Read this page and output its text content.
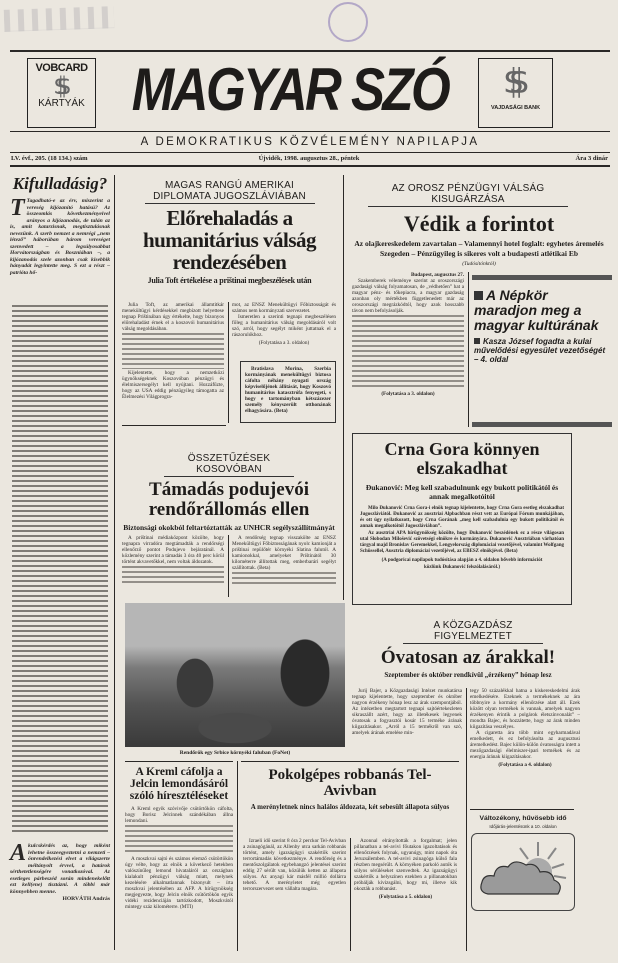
VOBCARD
$$
KÁRTYÁK MAGYAR SZÓ	$$
VAJDASÁGI BANK
A DEMOKRATIKUS KÖZVÉLEMÉNY NAPILAPJA
LV. évf., 205. (18 134.) szám	Újvidék, 1998. augusztus 28., péntek	Ára 3 dinár
Kifulladásig?
T Tagadható-e az érv, miszerint a vereség kijózanító hatású? Az összeomlás következményeivel arányos a kijózanodás, de talán az is, amit katarzisnak, megtisztulásnak nevezünk. A szerb nemzet a nemrégi „nem létező” háborúban három vereséget szenvedett – a legsúlyosabbat Horvátországban és Boszniában –, a kijózanodás szele azonban csak kisebbik hányadát legyintette meg. S ezt a részt – patrióta hő-
A kulcskérdés az, hogy miként lehetne összeegyeztetni a nemzeti – önrendelkezési elvet a világszerte méltányolt érvvel, a határok sérthetetlenségére vonatkozóval. Az esetleges párbeszéd során mindenekelőtt ezt kell(ene) tisztázni. A többi már könnyebben menne.
HORVÁTH András
MAGAS RANGÚ AMERIKAI DIPLOMATA JUGOSZLÁVIÁBAN
Előrehaladás a humanitárius válság rendezésében
Julia Toft értékelése a prištinai megbeszélések után

Julia Toft, az amerikai államtitkár menekültügyi kérdésekkel megbízott helyettese tegnap Prištinában úgy értékelte, hogy bizonyos előrehaladást érnek el a koszovói humanitárius válság megoldásában.

Kijelentette, hogy a nemzetközi ügynökségeknek Koszovóban pénzügyi és élelmiszersegélyt kell nyújtani. Hozzáfűzte, hogy az USA eddig pénzügyileg támogatta az Élelmezési Világprogra-

mot, az ENSZ Menekültügyi Főbiztosságát és számos nem kormányzati szervezetet.

Ismeretlen a szerinti tegnapi megbeszélésen főleg a humanitárius válság megoldásáról volt szó, arról, hogy segélyt miként juttatnak el a rászorulókhoz.

(Folytatása a 3. oldalon)

Bratislava Morina, Szerbia kormányának menekültügyi biztosa cáfolta néhány nyugati ország képviselőjének állítását, hogy Koszovó humanitárius katasztrófa fenyegeti, s hogy e tartományban kétszázezer személy kényszerült otthonának elhagyására. (Beta)

ÖSSZETŰZÉSEK KOSOVÓBAN
Támadás podujevói rendőrállomás ellen
Biztonsági okokból feltartóztatták az UNHCR segélyszállítmányát

A prištinai médiaközpont közölte, hogy tegnapra virradóra megtámadták a rendőrségi ellenőrző pontot Podujevo bejáratánál. A közlemény szerint a támadás 3 óra 40 perc körül történt akvavetőkkel, nem voltak áldozatok.

A rendőrség tegnap visszakölte az ENSZ Menekültügyi Főbiztosságának nyolc kamionját a prištinai repülőtér környéki Slatina falutól. A kamionokkal, amelyeket Prištinától 30 kilométerre állítottak meg, emberbarári segélyt szállítottak. (Beta)

Rendőrök egy Srbice környéki faluban (FoNet)
A Kreml cáfolja a Jelcin lemondásáról szóló híresztéléseket

A Kreml egyik szóvivője csütörtökön cáfolta, hogy Borisz Jelcinnek szándékában állna lemondani.

A moszkvai sajtó és számos elemző csütörtökön úgy vélte, hogy az elnök a következő hetekben valószínűleg lemond hivataláról az országban kialakult pénzügyi válság miatt, melynek kezelésére alkalmatlannak bizonyult – írta moszkvai jelentésében az AFP. A hírügynökség megjegyezte, hogy Jelcin elnök csütörtökön egyik vidéki rezidenciáján tartózkodott, Moszkvától mintegy száz kilométerre. (MTI)

Pokolgépes robbanás Tel-Avivban
A merényletnek nincs halálos áldozata, két sebesült állapota súlyos

Izraeli idő szerint 8 óra 2 perckor Tel-Avivban a zsinagógánál, az Allenby utca sarkán robbanás történt, amely igazságügyi szakértők szerint terrortámadás következménye. A rendőrség és a mentőszolgálatok egybehangzó jelentései szerint eddig 27 sérült van, közülük ketten az állapota súlyos. Az anyagi kár másfél millió dollárra tehető. A merényletet még egyetlen terrorszervezet sem vállalta magára.

Azonnal elrányították a forgalmat; jelen pillanatban a tel-avivi főutakon igazoltatások és ellenőrzések folynak, ugyanúgy, mint napok óta Jeruzsálemben. A tel-avivi zsinagóga külső fala részben megsérült. A környéken parkoló autók is súlyos sérüléseket szenvedtek. Az igazságügyi szakértők a helyszínen ezekben a pillanatokban próbálják kivizsgálni, hogy mi, illetve kik okozták a robbanást.

(Folytatása a 5. oldalon)

AZ OROSZ PÉNZÜGYI VÁLSÁG KISUGÁRZÁSA
Védik a forintot
Az olajkereskedelem zavartalan – Valamennyi hotel foglalt: egyhetes áremelés Szegeden – Pénzügyileg is sikeres volt a budapesti atlétikai Eb
(Tudósítónktól)

Budapest, augusztus 27.

Szakemberek véleménye szerint az oroszországi gazdasági válság folyamatosan, de „védhetően” hat a magyar pénz- és tőkepiacra, a magyar gazdaság azonban oly mértékben függetlenedett már az oroszországi megrázkódtól, hogy azok hosszabb távon nem befolyásolják.

(Folytatása a 3. oldalon)

A Népkör maradjon meg a magyar kultúrának
Kasza József fogadta a kulai művelődési egyesület vezetőségét – 4. oldal
Crna Gora könnyen elszakadhat
Đukanović: Meg kell szabadulnunk egy bukott politikától és annak megalkotóitól

Milo Đukanović Crna Gora-i elnök tegnap kijelentette, hogy Crna Gora esetleg elszakadhat Jugoszláviától. Đukanović az ausztriai Alpbachban részt vett az Európai Fórum munkájában, és ott úgy nyilatkozott, hogy Crna Gorának „meg kell szabadulnia egy bukott politikától és annak megalkotóitól Jugoszláviában”.

Az ausztriai APA hírügynökség közölte, hogy Đukanović beszédének ez a része világosan utal Slobodan Milošević szövetségi elnökre és kormányára. Đukanović Ausztriában várhatóan tárgyal majd Bronislav Geremekkel, Lengyelország diplomáciai vezetőjével, valamint Wolfgang Schüssellel, Ausztria diplomáciai vezetőjével, az EBESZ elnökjével. (Beta)

(A podgoricai napilapok tudósítása alapján a 4. oldalon bővebb információt közlünk Đukanović felszólalásáról.)

A KÖZGAZDÁSZ FIGYELMEZTET
Óvatosan az árakkal!
Szeptember és október rendkívül „érzékeny” hónap lesz

Jurij Bajer, a Közgazdasági Intézet munkatársa tegnap kijelentette, hogy szeptember és október nagyon érzékeny hónap lesz az árak szempontjából. Az intézetben megtartott tegnapi sajtóértekezleten sikraszállt azért, hogy az illetékesek legyenek óvatosak a fogyasztói kosár 15 terméke árának kiigazításakor. „Arról a 15 termékről van szó, amelyek árának emelése min-

tegy 50 százalékkal hatna a kiskereskedelmi árak emelkedésére. Ezeknek a termékeknek az ára többnyire a kormány ellenőrzése alatt áll. Ezek között olyan termékek is vannak, amelyek nagyon érzékenyen érintik a polgárok életszínvonalát” – mondta Bajec, és hozzátette, hogy az árak minden kiigazítása veszélyes.

A cigaretta ára több mint egyharmadával emelkedett, és ez befolyásolta az augusztusi áremelkedést. Bajec külön-külön óvatosságra intett a mezőgazdasági élelmiszer-ipari termékek és az energia árának kiigazításakor.

(Folytatása a 4. oldalon)

Változékony, hűvösebb idő
Időjárás-jelentésünk a 10. oldalon
